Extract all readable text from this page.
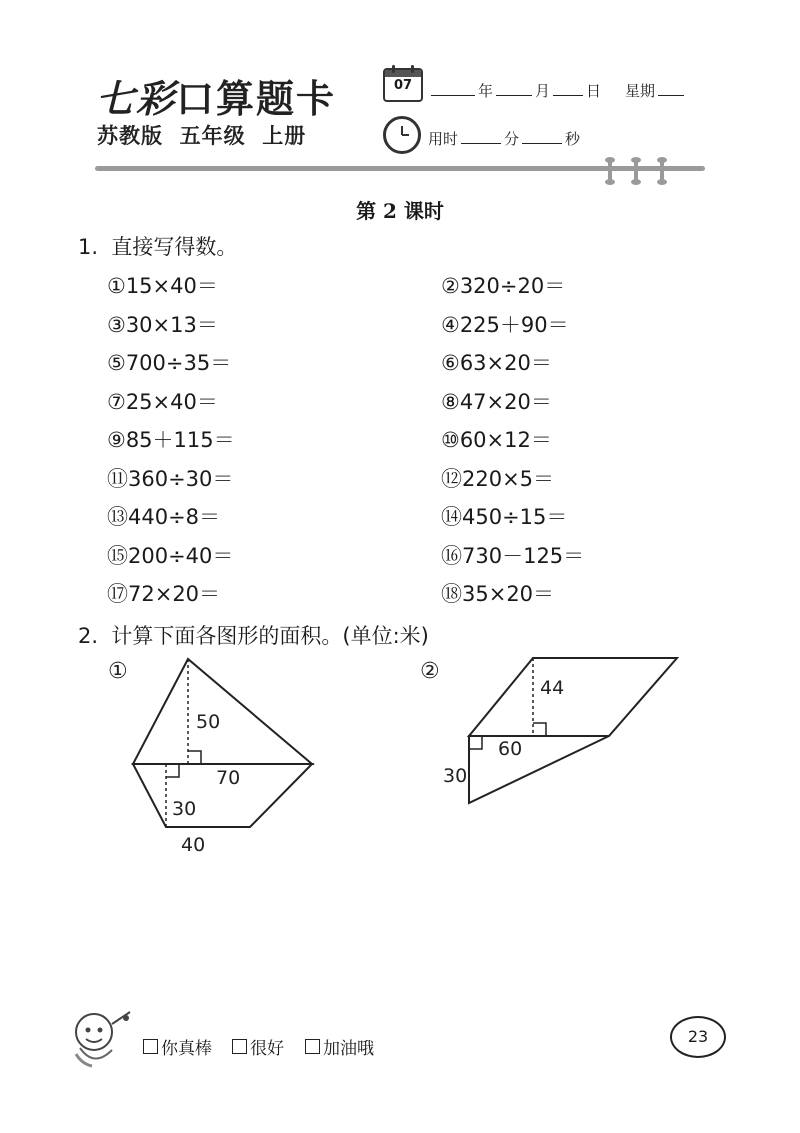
七彩口算题卡
苏教版  五年级  上册
07	年	月 日 星期
用时	分	秒
第 2 课时
1.  直接写得数。
①15×40＝	②320÷20＝
③30×13＝	④225＋90＝
⑤700÷35＝	⑥63×20＝
⑦25×40＝	⑧47×20＝
⑨85＋115＝	⑩60×12＝
⑪360÷30＝	⑫220×5＝
⑬440÷8＝	⑭450÷15＝
⑮200÷40＝	⑯730－125＝
⑰72×20＝	⑱35×20＝
2.  计算下面各图形的面积。(单位:米)
①
50
70
30
40
②
44
60
30
你真棒 很好 加油哦
23
